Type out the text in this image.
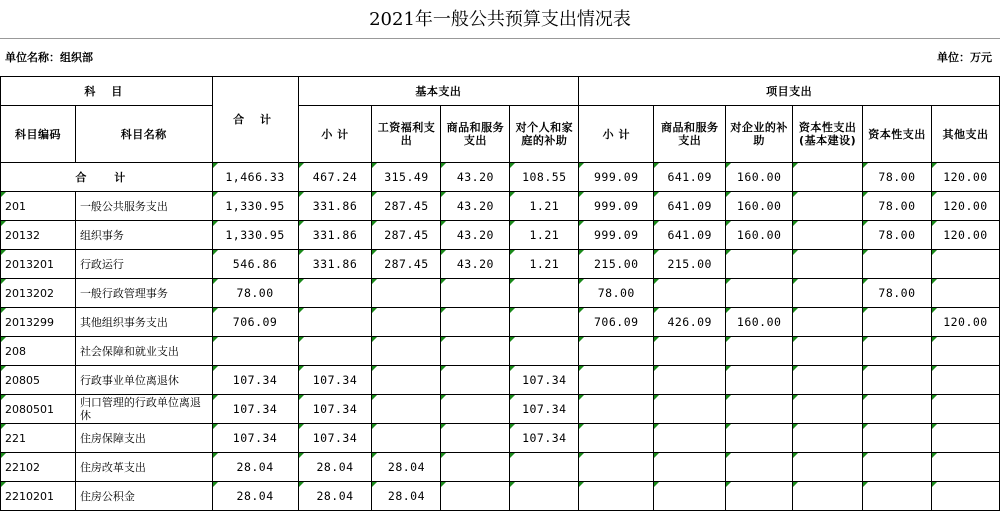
2021年一般公共预算支出情况表
单位名称：组织部	单位：万元
科 目		合 计	基本支出				项目支出					
科目编码	科目名称		小 计	工资福利支出	商品和服务支出	对个人和家庭的补助	小 计	商品和服务支出	对企业的补助	资本性支出(基本建设)	资本性支出	其他支出
合 计		1,466.33	467.24	315.49	43.20	108.55	999.09	641.09	160.00		78.00	120.00
201	一般公共服务支出	1,330.95	331.86	287.45	43.20	1.21	999.09	641.09	160.00		78.00	120.00
20132	组织事务	1,330.95	331.86	287.45	43.20	1.21	999.09	641.09	160.00		78.00	120.00
2013201	行政运行	546.86	331.86	287.45	43.20	1.21	215.00	215.00				
2013202	一般行政管理事务	78.00					78.00				78.00	
2013299	其他组织事务支出	706.09					706.09	426.09	160.00			120.00
208	社会保障和就业支出											
20805	行政事业单位离退休	107.34	107.34			107.34						
2080501	归口管理的行政单位离退休	107.34	107.34			107.34						
221	住房保障支出	107.34	107.34			107.34						
22102	住房改革支出	28.04	28.04	28.04								
2210201	住房公积金	28.04	28.04	28.04								
